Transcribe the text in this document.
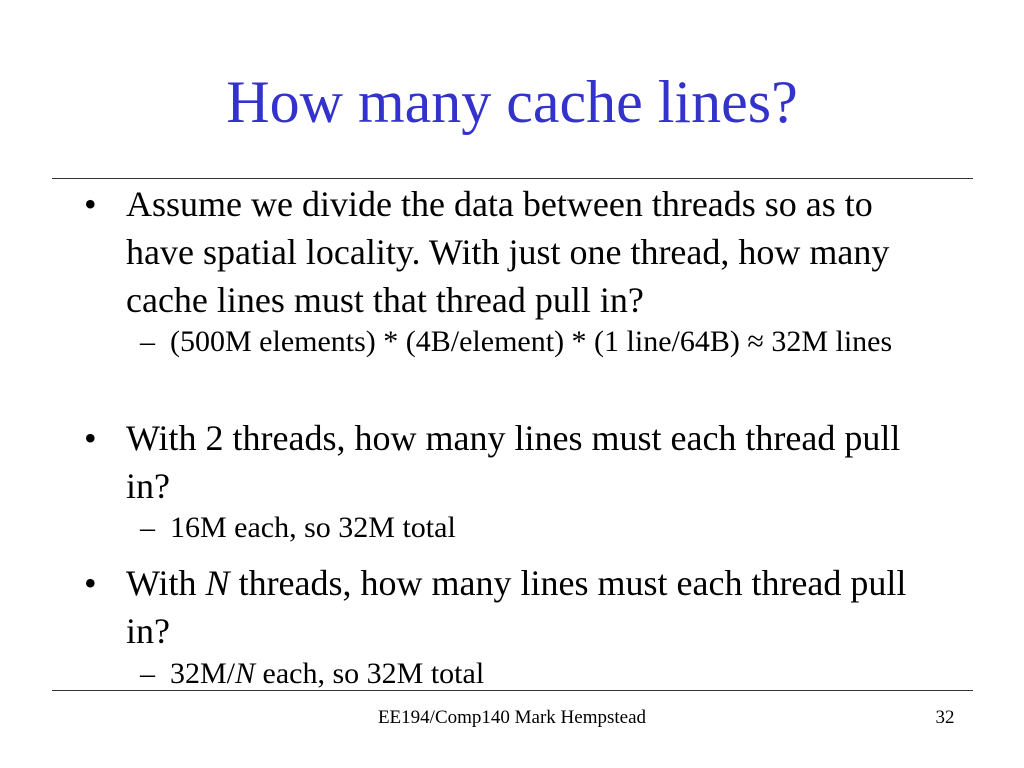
How many cache lines?
• Assume we divide the data between threads so as to have spatial locality. With just one thread, how many cache lines must that thread pull in?
– (500M elements) * (4B/element) * (1 line/64B) ≈ 32M lines
• With 2 threads, how many lines must each thread pull in?
– 16M each, so 32M total
• With N threads, how many lines must each thread pull in?
– 32M/N each, so 32M total
EE194/Comp140 Mark Hempstead	32
